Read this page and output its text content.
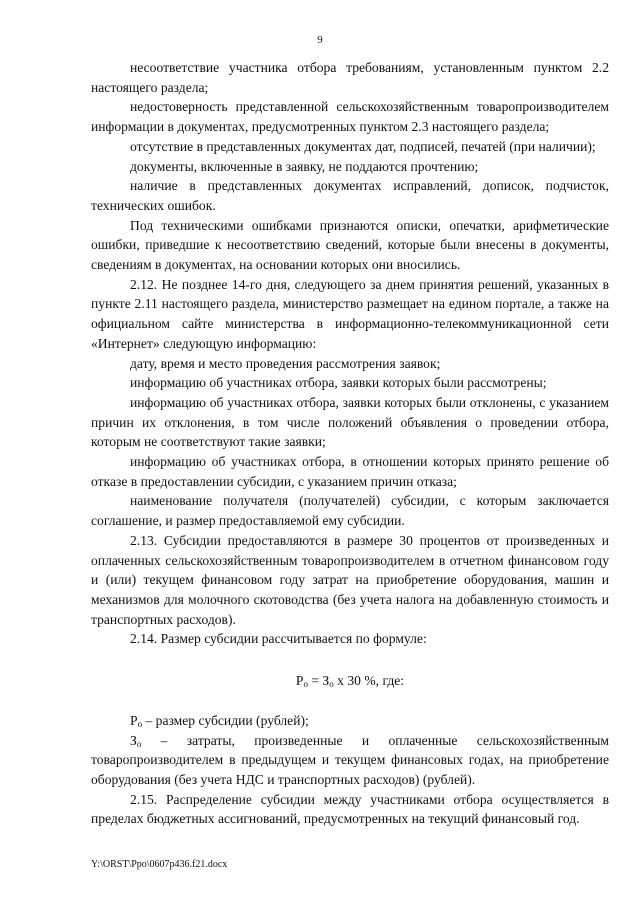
9

несоответствие участника отбора требованиям, установленным пунктом 2.2 настоящего раздела;

недостоверность представленной сельскохозяйственным товаропроизводителем информации в документах, предусмотренных пунктом 2.3 настоящего раздела;

отсутствие в представленных документах дат, подписей, печатей (при наличии);

документы, включенные в заявку, не поддаются прочтению;

наличие в представленных документах исправлений, дописок, подчисток, технических ошибок.

Под техническими ошибками признаются описки, опечатки, арифметические ошибки, приведшие к несоответствию сведений, которые были внесены в документы, сведениям в документах, на основании которых они вносились.

2.12. Не позднее 14-го дня, следующего за днем принятия решений, указанных в пункте 2.11 настоящего раздела, министерство размещает на едином портале, а также на официальном сайте министерства в информационно-телекоммуникационной сети «Интернет» следующую информацию:

дату, время и место проведения рассмотрения заявок;

информацию об участниках отбора, заявки которых были рассмотрены;

информацию об участниках отбора, заявки которых были отклонены, с указанием причин их отклонения, в том числе положений объявления о проведении отбора, которым не соответствуют такие заявки;

информацию об участниках отбора, в отношении которых принято решение об отказе в предоставлении субсидии, с указанием причин отказа;

наименование получателя (получателей) субсидии, с которым заключается соглашение, и размер предоставляемой ему субсидии.

2.13. Субсидии предоставляются в размере 30 процентов от произведенных и оплаченных сельскохозяйственным товаропроизводителем в отчетном финансовом году и (или) текущем финансовом году затрат на приобретение оборудования, машин и механизмов для молочного скотоводства (без учета налога на добавленную стоимость и транспортных расходов).

2.14. Размер субсидии рассчитывается по формуле:

$Р_о = З_о$ х 30 %, где:

$Р_о$ – размер субсидии (рублей);

$З_о$ – затраты, произведенные и оплаченные сельскохозяйственным товаропроизводителем в предыдущем и текущем финансовых годах, на приобретение оборудования (без учета НДС и транспортных расходов) (рублей).

2.15. Распределение субсидии между участниками отбора осуществляется в пределах бюджетных ассигнований, предусмотренных на текущий финансовый год.

Y:\ORST\Ppo\0607p436.f21.docx
